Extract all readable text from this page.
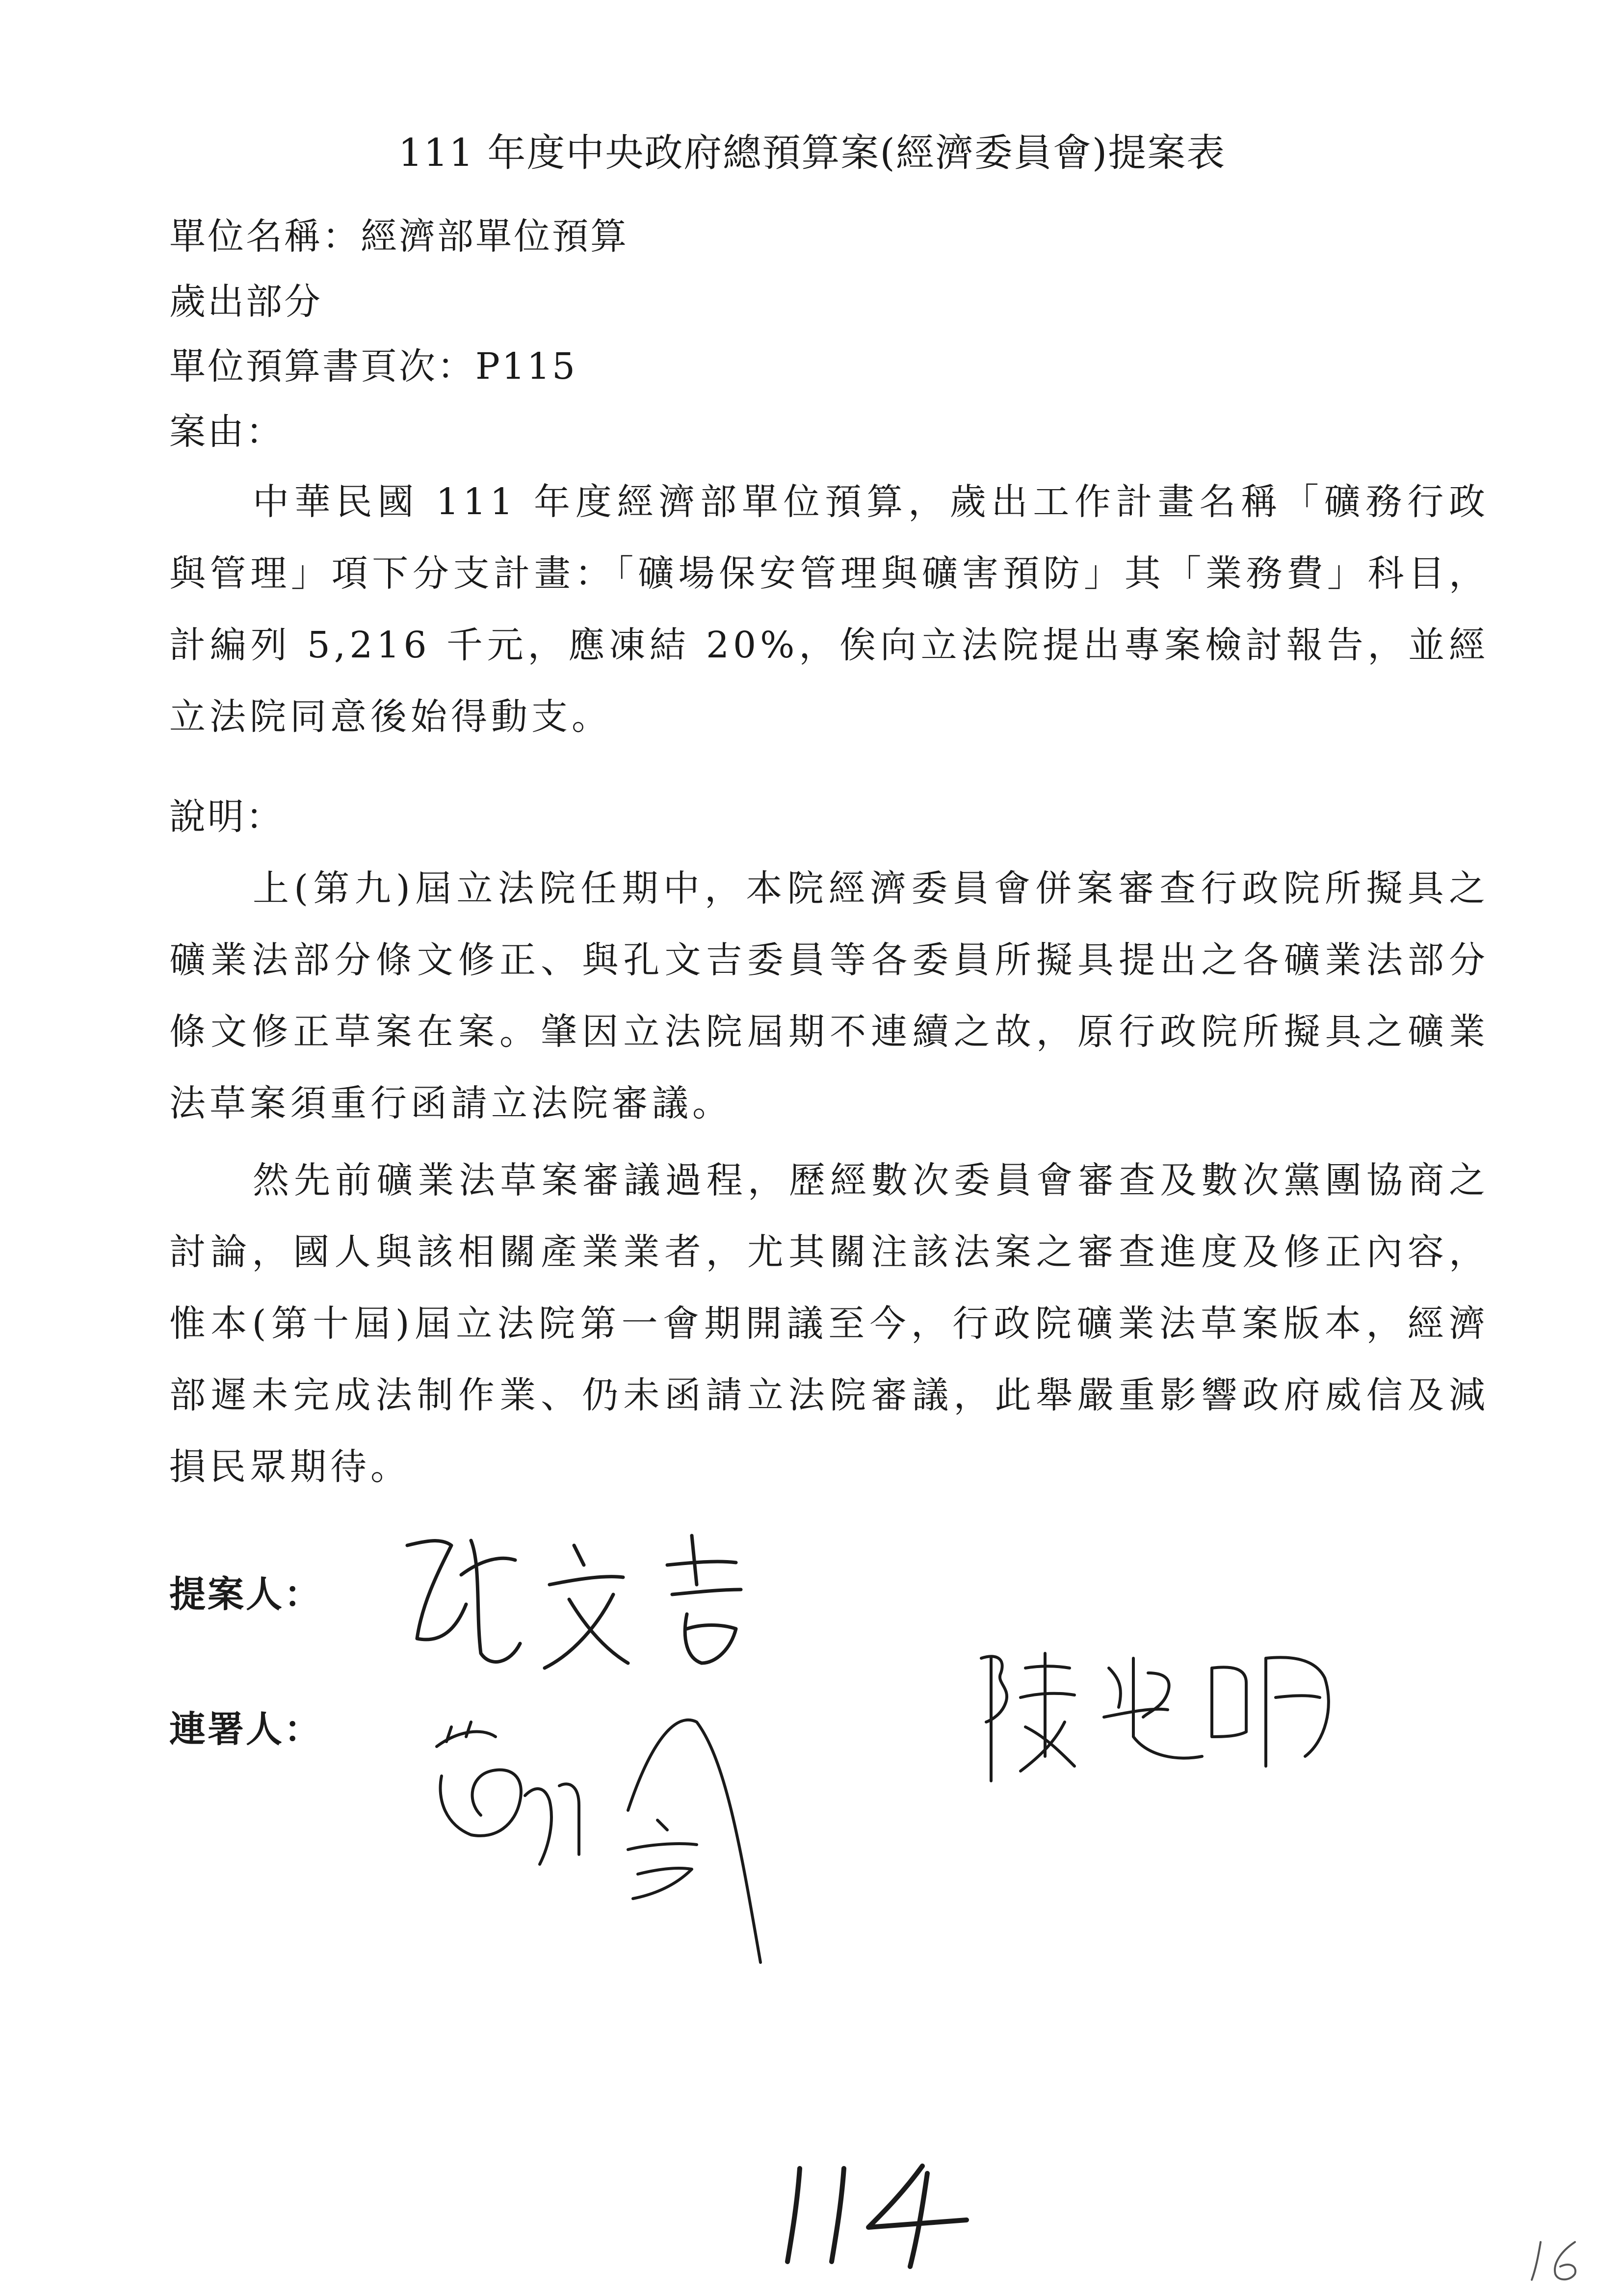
111 年度中央政府總預算案(經濟委員會)提案表
單位名稱：經濟部單位預算
歲出部分
單位預算書頁次：P115
案由：
中華民國 111 年度經濟部單位預算，歲出工作計畫名稱「礦務行政與管理」項下分支計畫：「礦場保安管理與礦害預防」其「業務費」科目，計編列 5,216 千元，應凍結 20%，俟向立法院提出專案檢討報告，並經立法院同意後始得動支。
說明：
上(第九)屆立法院任期中，本院經濟委員會併案審查行政院所擬具之礦業法部分條文修正、與孔文吉委員等各委員所擬具提出之各礦業法部分條文修正草案在案。肇因立法院屆期不連續之故，原行政院所擬具之礦業法草案須重行函請立法院審議。
然先前礦業法草案審議過程，歷經數次委員會審查及數次黨團協商之討論，國人與該相關產業業者，尤其關注該法案之審查進度及修正內容，惟本(第十屆)屆立法院第一會期開議至今，行政院礦業法草案版本，經濟部遲未完成法制作業、仍未函請立法院審議，此舉嚴重影響政府威信及減損民眾期待。
提案人：
連署人：
